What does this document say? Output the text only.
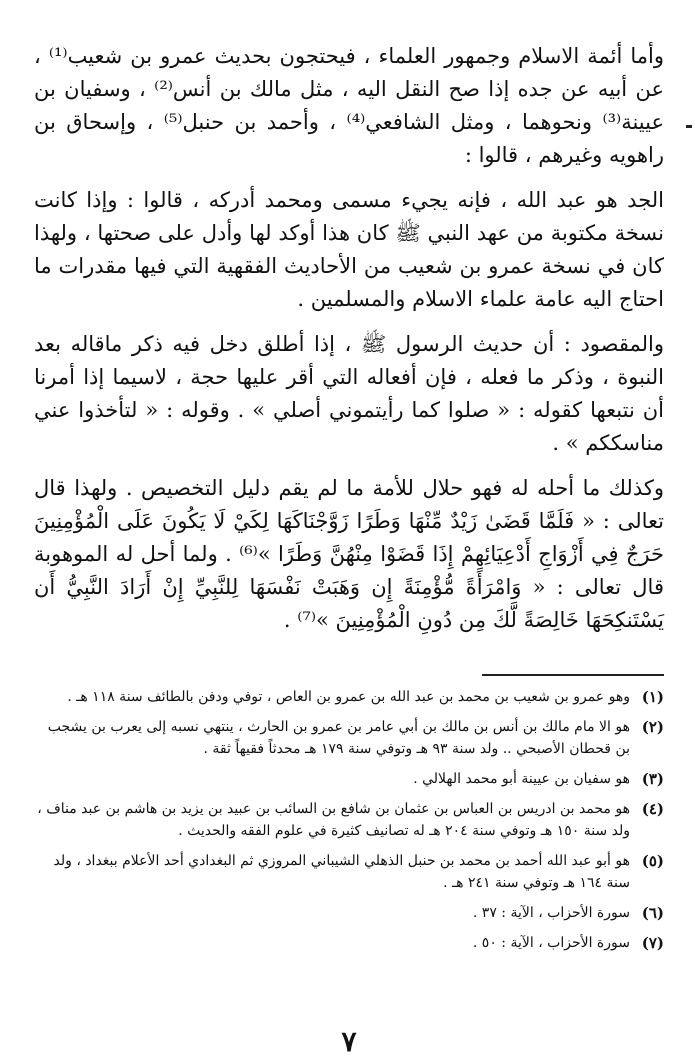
وأما أئمة الاسلام وجمهور العلماء ، فيحتجون بحديث عمرو بن شعيب⁽¹⁾ ، عن أبيه عن جده إذا صح النقل اليه ، مثل مالك بن أنس⁽²⁾ ، وسفيان بن عيينة⁽³⁾ ونحوهما ، ومثل الشافعي⁽⁴⁾ ، وأحمد بن حنبل⁽⁵⁾ ، وإسحاق بن راهويه وغيرهم ، قالوا :

الجد هو عبد الله ، فإنه يجيء مسمى ومحمد أدركه ، قالوا : وإذا كانت نسخة مكتوبة من عهد النبي ﷺ كان هذا أوكد لها وأدل على صحتها ، ولهذا كان في نسخة عمرو بن شعيب من الأحاديث الفقهية التي فيها مقدرات ما احتاج اليه عامة علماء الاسلام والمسلمين .

والمقصود : أن حديث الرسول ﷺ ، إذا أطلق دخل فيه ذكر ماقاله بعد النبوة ، وذكر ما فعله ، فإن أفعاله التي أقر عليها حجة ، لاسيما إذا أمرنا أن نتبعها كقوله : « صلوا كما رأيتموني أصلي » . وقوله : « لتأخذوا عني مناسككم » .

وكذلك ما أحله له فهو حلال للأمة ما لم يقم دليل التخصيص . ولهذا قال تعالى : « فَلَمَّا قَضَىٰ زَيْدٌ مِّنْهَا وَطَرًا زَوَّجْنَاكَهَا لِكَيْ لَا يَكُونَ عَلَى الْمُؤْمِنِينَ حَرَجٌ فِي أَزْوَاجِ أَدْعِيَائِهِمْ إِذَا قَضَوْا مِنْهُنَّ وَطَرًا »⁽⁶⁾ . ولما أحل له الموهوبة قال تعالى : « وَامْرَأَةً مُّؤْمِنَةً إِن وَهَبَتْ نَفْسَهَا لِلنَّبِيِّ إِنْ أَرَادَ النَّبِيُّ أَن يَسْتَنكِحَهَا خَالِصَةً لَّكَ مِن دُونِ الْمُؤْمِنِينَ »⁽⁷⁾ .

(١)
وهو عمرو بن شعيب بن محمد بن عبد الله بن عمرو بن العاص ، توفي ودفن بالطائف سنة ١١٨ هـ .
(٢)
هو الا مام مالك بن أنس بن مالك بن أبي عامر بن عمرو بن الحارث ، ينتهي نسبه إلى يعرب بن يشجب بن قحطان الأصبحي .. ولد سنة ٩٣ هـ وتوفي سنة ١٧٩ هـ محدثاً فقيهاً ثقة .
(٣)
هو سفيان بن عيينة أبو محمد الهلالي .
(٤)
هو محمد بن ادريس بن العباس بن عثمان بن شافع بن السائب بن عبيد بن يزيد بن هاشم بن عبد مناف ، ولد سنة ١٥٠ هـ وتوفي سنة ٢٠٤ هـ له تصانيف كثيرة في علوم الفقه والحديث .
(٥)
هو أبو عبد الله أحمد بن محمد بن حنبل الذهلي الشيباني المروزي ثم البغدادي أحد الأعلام ببغداد ، ولد سنة ١٦٤ هـ وتوفي سنة ٢٤١ هـ .
(٦)
سورة الأحزاب ، الآية : ٣٧ .
(٧)
سورة الأحزاب ، الآية : ٥٠ .
٧
